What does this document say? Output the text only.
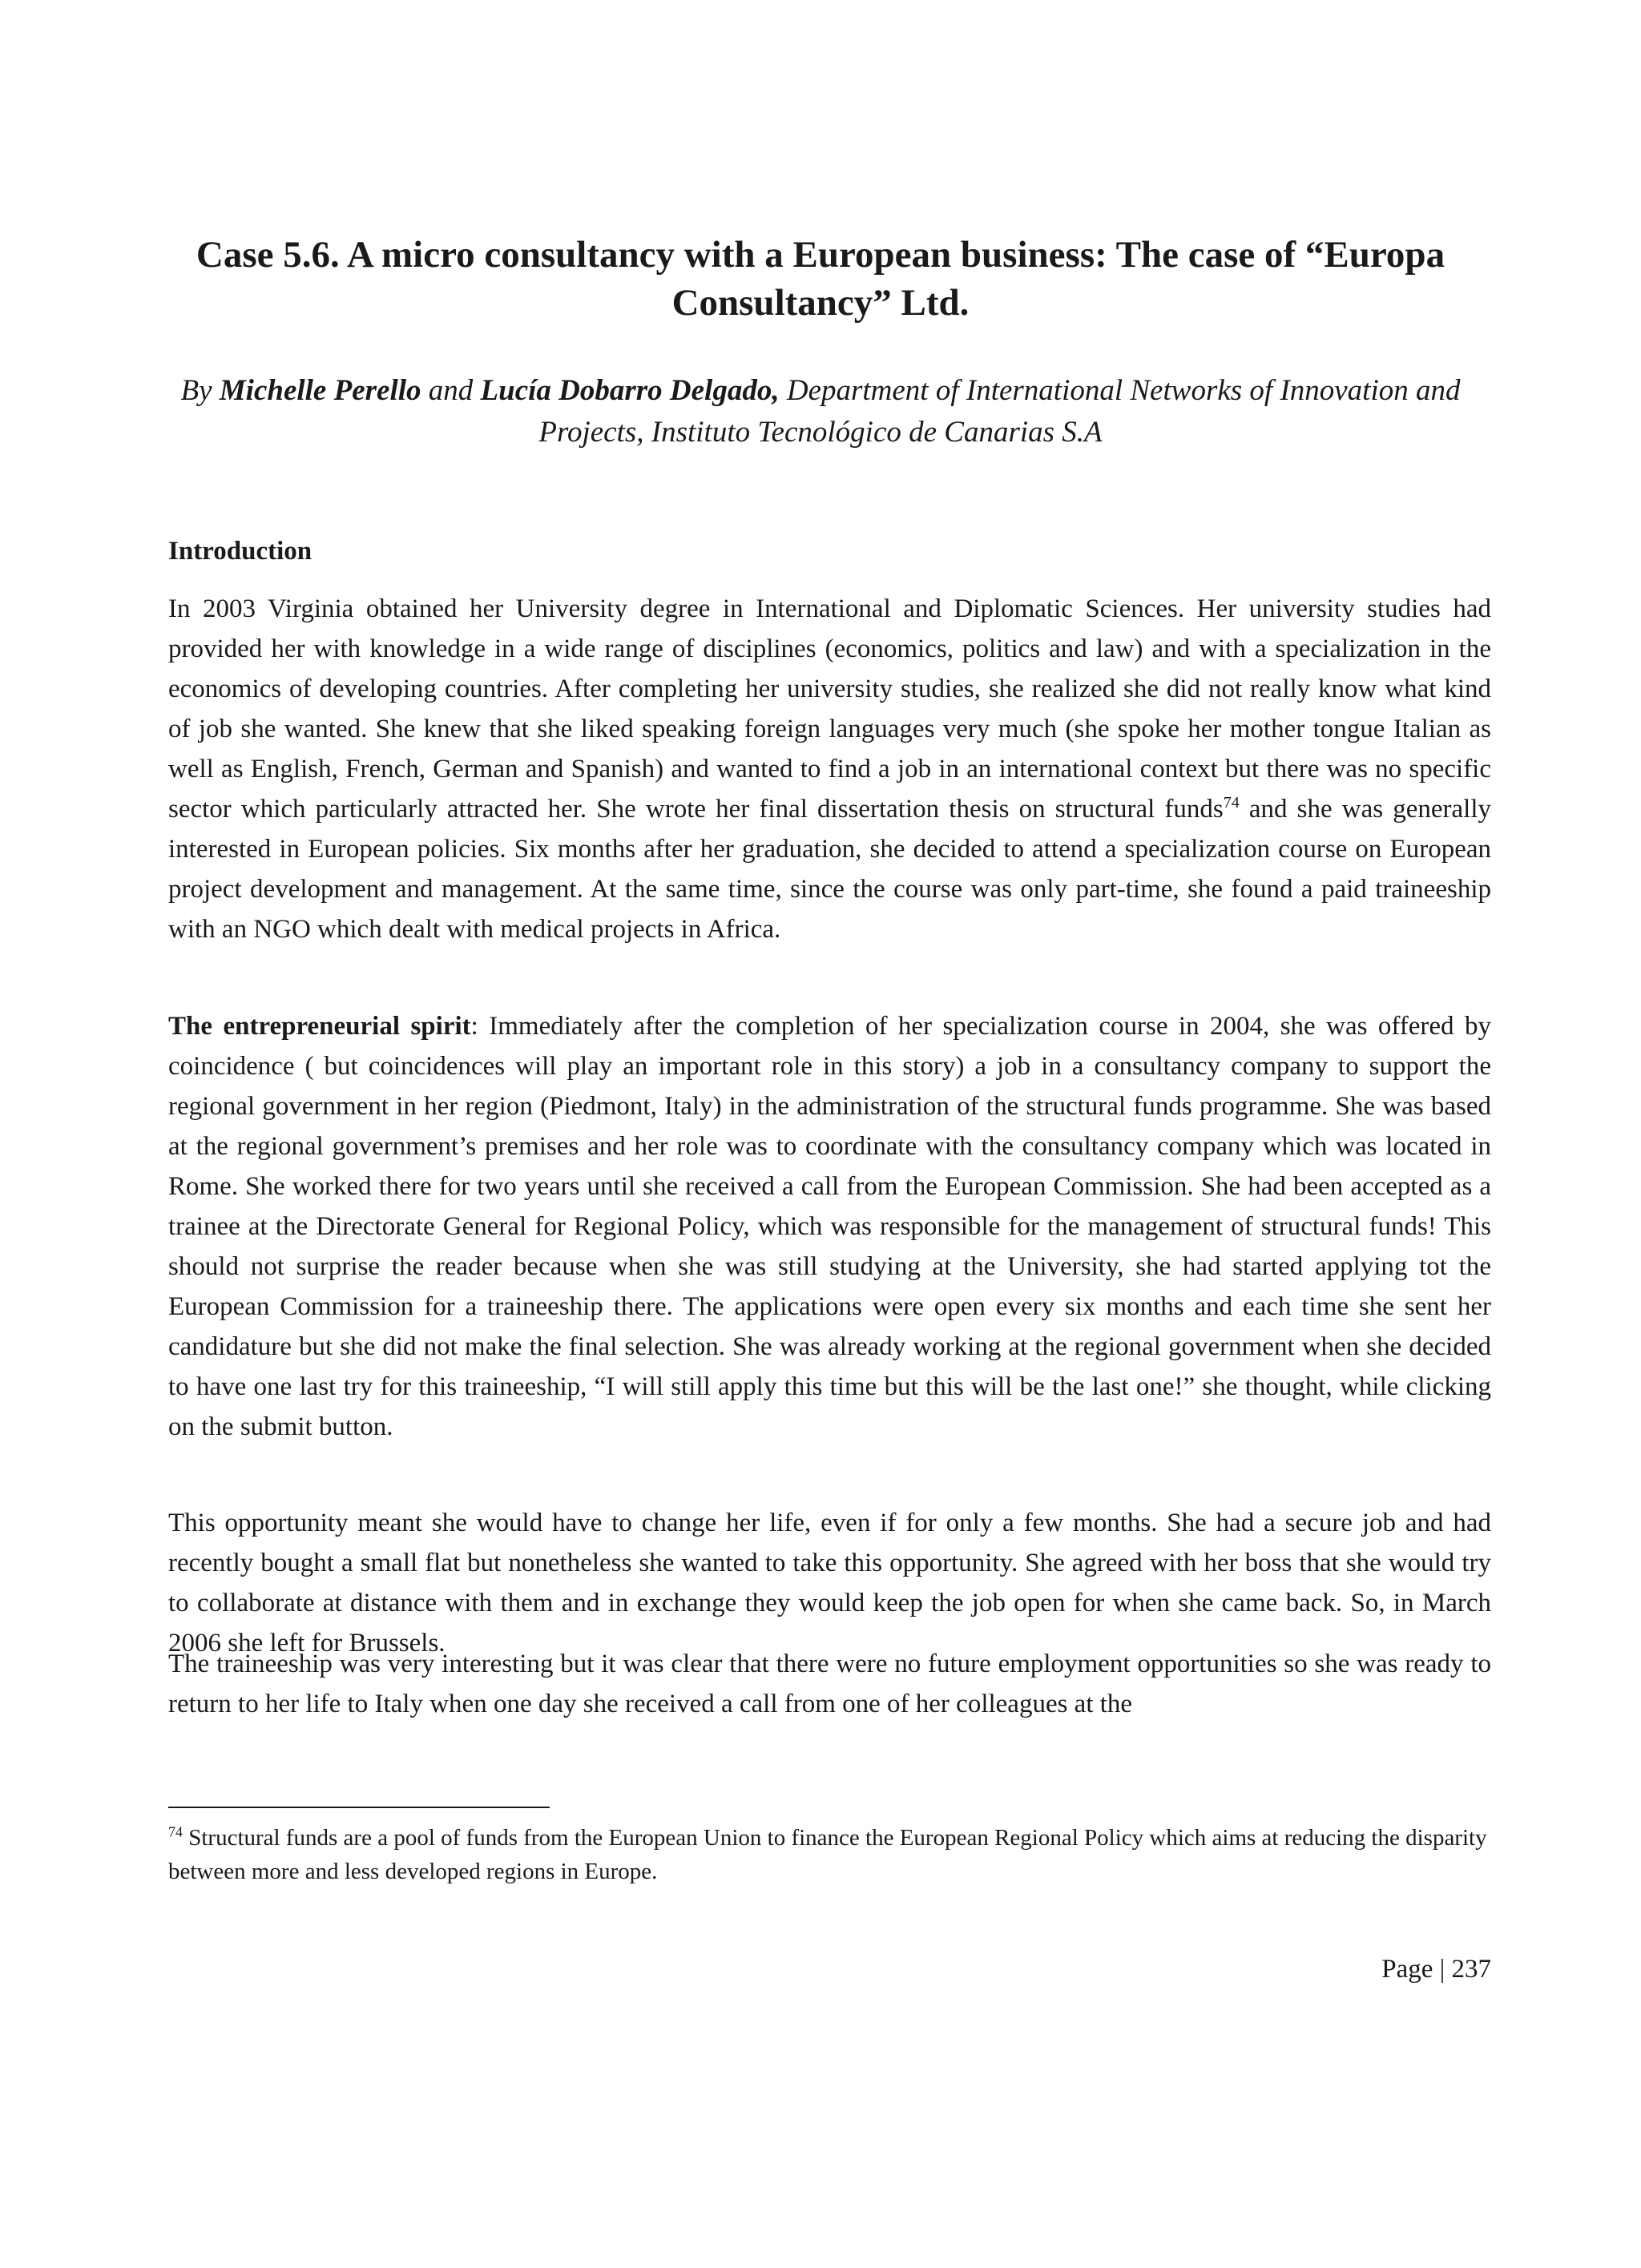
Case 5.6. A micro consultancy with a European business: The case of “Europa Consultancy” Ltd.

By Michelle Perello and Lucía Dobarro Delgado, Department of International Networks of Innovation and Projects, Instituto Tecnológico de Canarias S.A

Introduction

In 2003 Virginia obtained her University degree in International and Diplomatic Sciences. Her university studies had provided her with knowledge in a wide range of disciplines (economics, politics and law) and with a specialization in the economics of developing countries. After completing her university studies, she realized she did not really know what kind of job she wanted. She knew that she liked speaking foreign languages very much (she spoke her mother tongue Italian as well as English, French, German and Spanish) and wanted to find a job in an international context but there was no specific sector which particularly attracted her. She wrote her final dissertation thesis on structural funds$^{74}$ and she was generally interested in European policies. Six months after her graduation, she decided to attend a specialization course on European project development and management. At the same time, since the course was only part-time, she found a paid traineeship with an NGO which dealt with medical projects in Africa.

The entrepreneurial spirit: Immediately after the completion of her specialization course in 2004, she was offered by coincidence ( but coincidences will play an important role in this story) a job in a consultancy company to support the regional government in her region (Piedmont, Italy) in the administration of the structural funds programme. She was based at the regional government’s premises and her role was to coordinate with the consultancy company which was located in Rome. She worked there for two years until she received a call from the European Commission. She had been accepted as a trainee at the Directorate General for Regional Policy, which was responsible for the management of structural funds! This should not surprise the reader because when she was still studying at the University, she had started applying tot the European Commission for a traineeship there. The applications were open every six months and each time she sent her candidature but she did not make the final selection. She was already working at the regional government when she decided to have one last try for this traineeship, “I will still apply this time but this will be the last one!” she thought, while clicking on the submit button.

This opportunity meant she would have to change her life, even if for only a few months. She had a secure job and had recently bought a small flat but nonetheless she wanted to take this opportunity. She agreed with her boss that she would try to collaborate at distance with them and in exchange they would keep the job open for when she came back. So, in March 2006 she left for Brussels.

The traineeship was very interesting but it was clear that there were no future employment opportunities so she was ready to return to her life to Italy when one day she received a call from one of her colleagues at the

$^{74}$ Structural funds are a pool of funds from the European Union to finance the European Regional Policy which aims at reducing the disparity between more and less developed regions in Europe.

Page | 237
